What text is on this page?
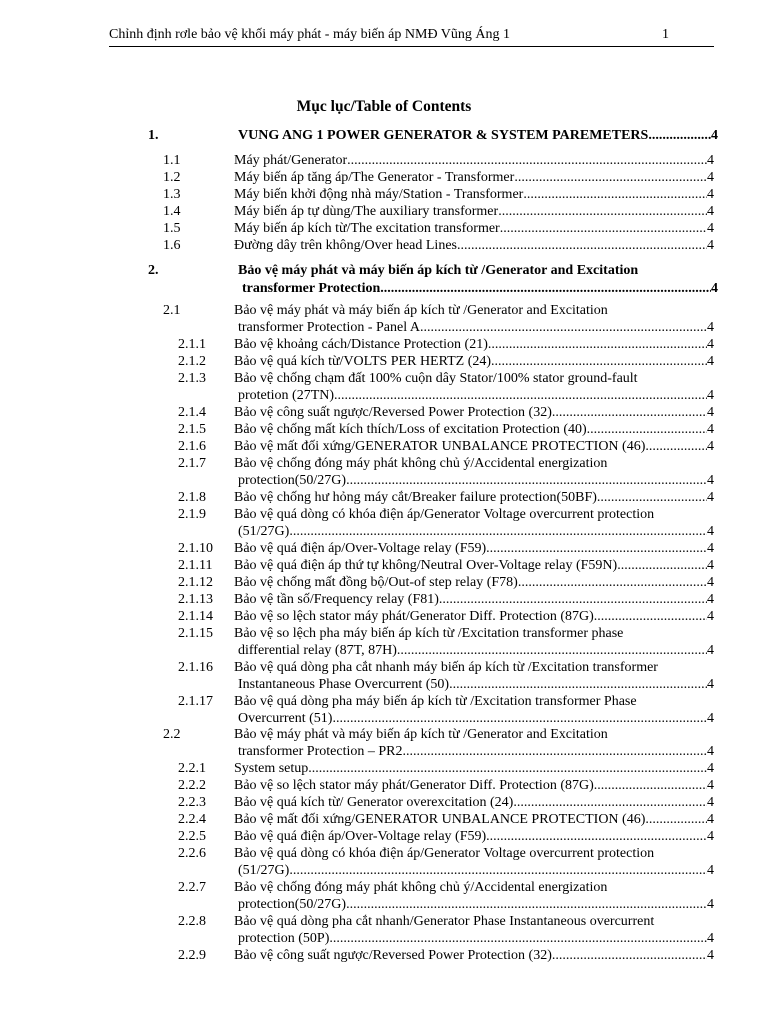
Chỉnh định rơle bảo vệ khối máy phát - máy biến áp NMĐ Vũng Áng 1	1
Mục lục/Table of Contents
1.	VUNG ANG 1 POWER GENERATOR & SYSTEM PAREMETERS .....	4
1.1	Máy phát/Generator .....	4
1.2	Máy biến áp tăng áp/The Generator - Transformer .....	4
1.3	Máy biến khởi động nhà máy/Station - Transformer .....	4
1.4	Máy biến áp tự dùng/The auxiliary transformer .....	4
1.5	Máy biến áp kích từ/The excitation transformer .....	4
1.6	Đường dây trên không/Over head Lines .....	4
2.	Bảo vệ máy phát và máy biến áp kích từ /Generator and Excitation
transformer Protection. .....	4
2.1	Bảo vệ máy phát và máy biến áp kích từ /Generator and Excitation
transformer Protection - Panel A. .....	4
2.1.1 Bảo vệ khoảng cách/Distance Protection (21) .....	4
2.1.2 Bảo vệ quá kích từ/VOLTS PER HERTZ (24) .....	4
2.1.3 Bảo vệ chống chạm đất 100% cuộn dây Stator/100% stator ground-fault
protetion (27TN) .....	4
2.1.4 Bảo vệ công suất ngược/Reversed Power Protection (32) .....	4
2.1.5 Bảo vệ chống mất kích thích/Loss of excitation Protection (40) .....	4
2.1.6 Bảo vệ mất đối xứng/GENERATOR UNBALANCE PROTECTION (46) .....	4
2.1.7 Bảo vệ chống đóng máy phát không chủ ý/Accidental energization
protection(50/27G) .....	4
2.1.8 Bảo vệ chống hư hỏng máy cắt/Breaker failure protection(50BF) .....	4
2.1.9 Bảo vệ quá dòng có khóa điện áp/Generator Voltage overcurrent protection
(51/27G) .....	4
2.1.10 Bảo vệ quá điện áp/Over-Voltage relay (F59) .....	4
2.1.11 Bảo vệ quá điện áp thứ tự không/Neutral Over-Voltage relay (F59N) .....	4
2.1.12 Bảo vệ chống mất đồng bộ/Out-of step relay (F78) .....	4
2.1.13 Bảo vệ tần số/Frequency relay (F81) .....	4
2.1.14 Bảo vệ so lệch stator máy phát/Generator Diff. Protection (87G) .....	4
2.1.15 Bảo vệ so lệch pha máy biến áp kích từ /Excitation transformer phase
differential relay (87T, 87H) .....	4
2.1.16 Bảo vệ quá dòng pha cắt nhanh máy biến áp kích từ /Excitation transformer
Instantaneous Phase Overcurrent (50) .....	4
2.1.17 Bảo vệ quá dòng pha máy biến áp kích từ /Excitation transformer Phase
Overcurrent (51) .....	4
2.2	Bảo vệ máy phát và máy biến áp kích từ /Generator and Excitation
transformer Protection – PR2. .....	4
2.2.1 System setup .....	4
2.2.2 Bảo vệ so lệch stator máy phát/Generator Diff. Protection (87G) .....	4
2.2.3 Bảo vệ quá kích từ/ Generator overexcitation (24) .....	4
2.2.4 Bảo vệ mất đối xứng/GENERATOR UNBALANCE PROTECTION (46) .....	4
2.2.5 Bảo vệ quá điện áp/Over-Voltage relay (F59) .....	4
2.2.6 Bảo vệ quá dòng có khóa điện áp/Generator Voltage overcurrent protection
(51/27G) .....	4
2.2.7 Bảo vệ chống đóng máy phát không chủ ý/Accidental energization
protection(50/27G) .....	4
2.2.8 Bảo vệ quá dòng pha cắt nhanh/Generator Phase Instantaneous overcurrent
protection (50P) .....	4
2.2.9 Bảo vệ công suất ngược/Reversed Power Protection (32) .....	4
